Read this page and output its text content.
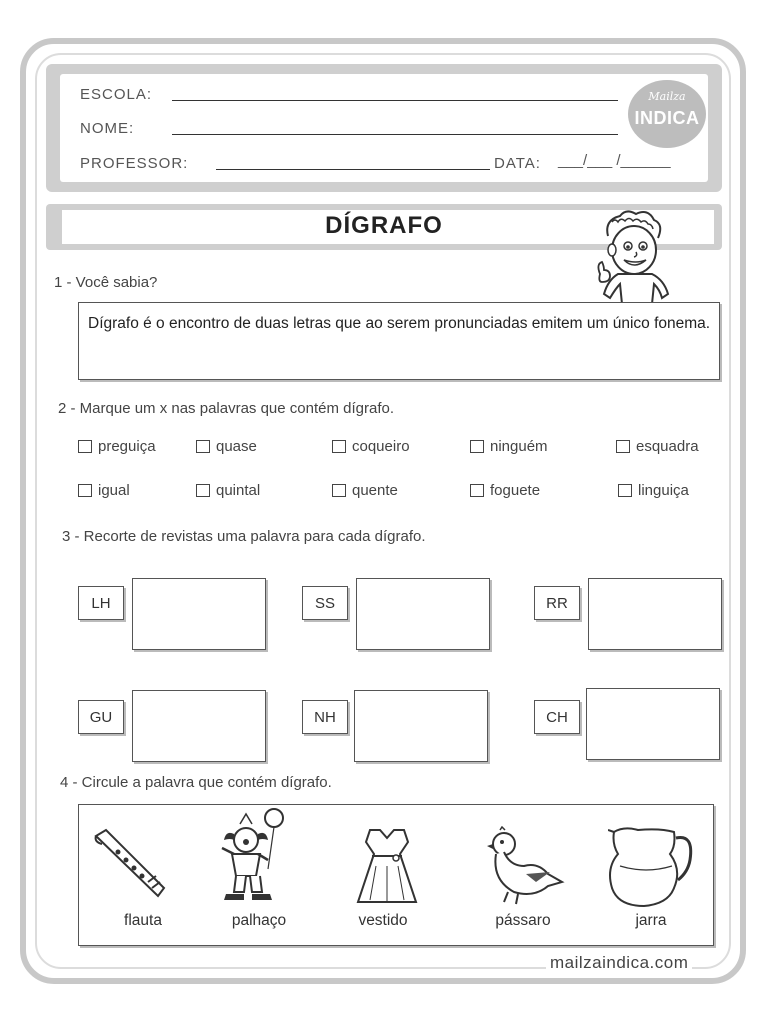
ESCOLA:
NOME:
PROFESSOR:	DATA: ___/___ /______
Mailza
INDICA
DÍGRAFO
1 - Você sabia?
Dígrafo é o encontro de duas letras que ao serem pronunciadas emitem um único fonema.
2 - Marque um x nas palavras que contém dígrafo.
preguiça	quase	coqueiro	ninguém	esquadra
igual	quintal	quente	foguete	linguiça
3 - Recorte de revistas uma palavra para cada dígrafo.
LH	SS	RR
GU	NH	CH
4 - Circule a palavra que contém dígrafo.
flauta	palhaço	vestido	pássaro	jarra
mailzaindica.com
